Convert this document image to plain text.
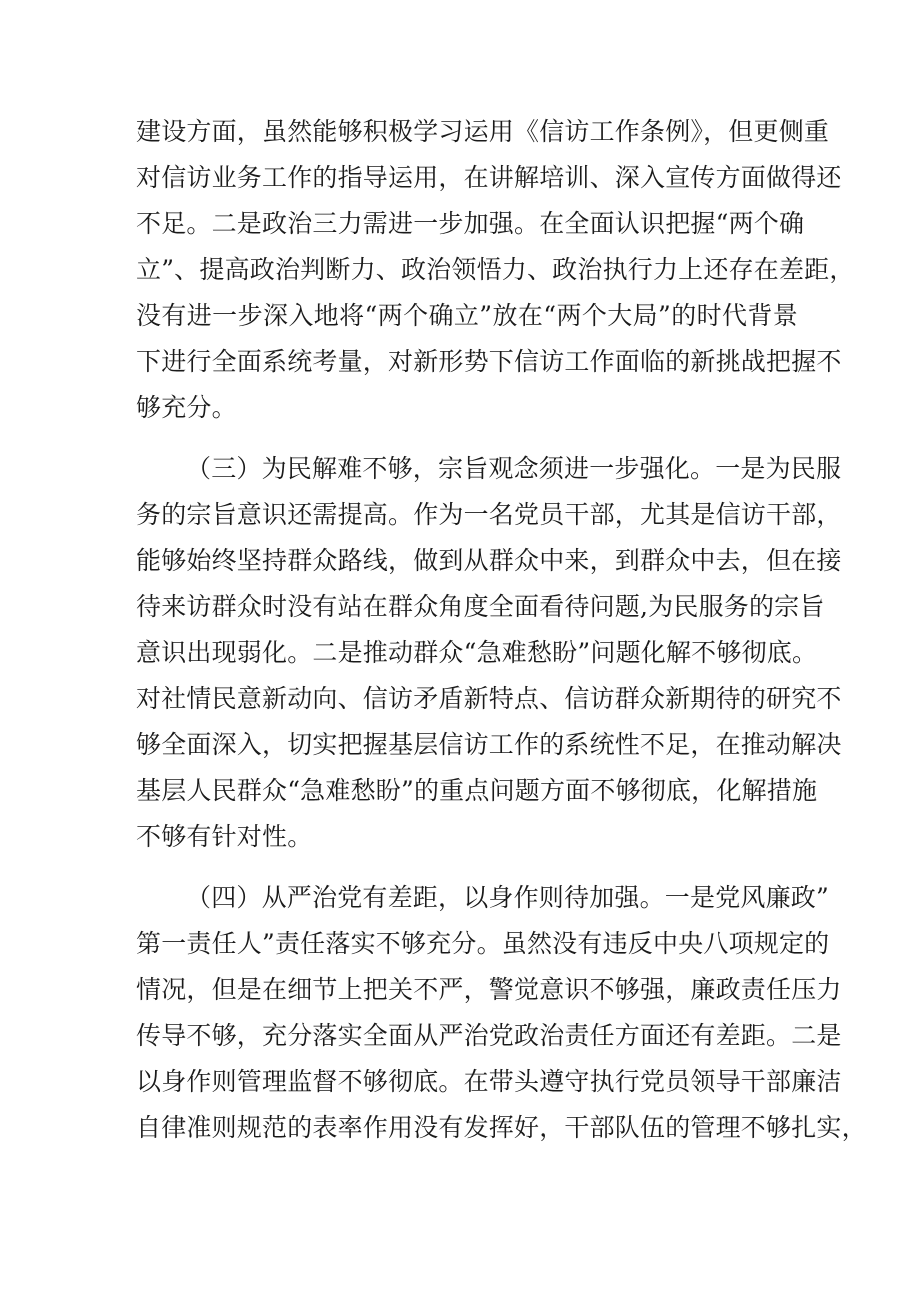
建设方面，虽然能够积极学习运用《信访工作条例》，但更侧重
对信访业务工作的指导运用，在讲解培训、深入宣传方面做得还
不足。二是政治三力需进一步加强。在全面认识把握“两个确
立”、提高政治判断力、政治领悟力、政治执行力上还存在差距，
没有进一步深入地将“两个确立”放在“两个大局”的时代背景
下进行全面系统考量，对新形势下信访工作面临的新挑战把握不
够充分。
（三）为民解难不够，宗旨观念须进一步强化。一是为民服
务的宗旨意识还需提高。作为一名党员干部，尤其是信访干部，
能够始终坚持群众路线，做到从群众中来，到群众中去，但在接
待来访群众时没有站在群众角度全面看待问题,为民服务的宗旨
意识出现弱化。二是推动群众“急难愁盼”问题化解不够彻底。
对社情民意新动向、信访矛盾新特点、信访群众新期待的研究不
够全面深入，切实把握基层信访工作的系统性不足，在推动解决
基层人民群众“急难愁盼”的重点问题方面不够彻底，化解措施
不够有针对性。
（四）从严治党有差距，以身作则待加强。一是党风廉政”
第一责任人”责任落实不够充分。虽然没有违反中央八项规定的
情况，但是在细节上把关不严，警觉意识不够强，廉政责任压力
传导不够，充分落实全面从严治党政治责任方面还有差距。二是
以身作则管理监督不够彻底。在带头遵守执行党员领导干部廉洁
自律准则规范的表率作用没有发挥好，干部队伍的管理不够扎实，
